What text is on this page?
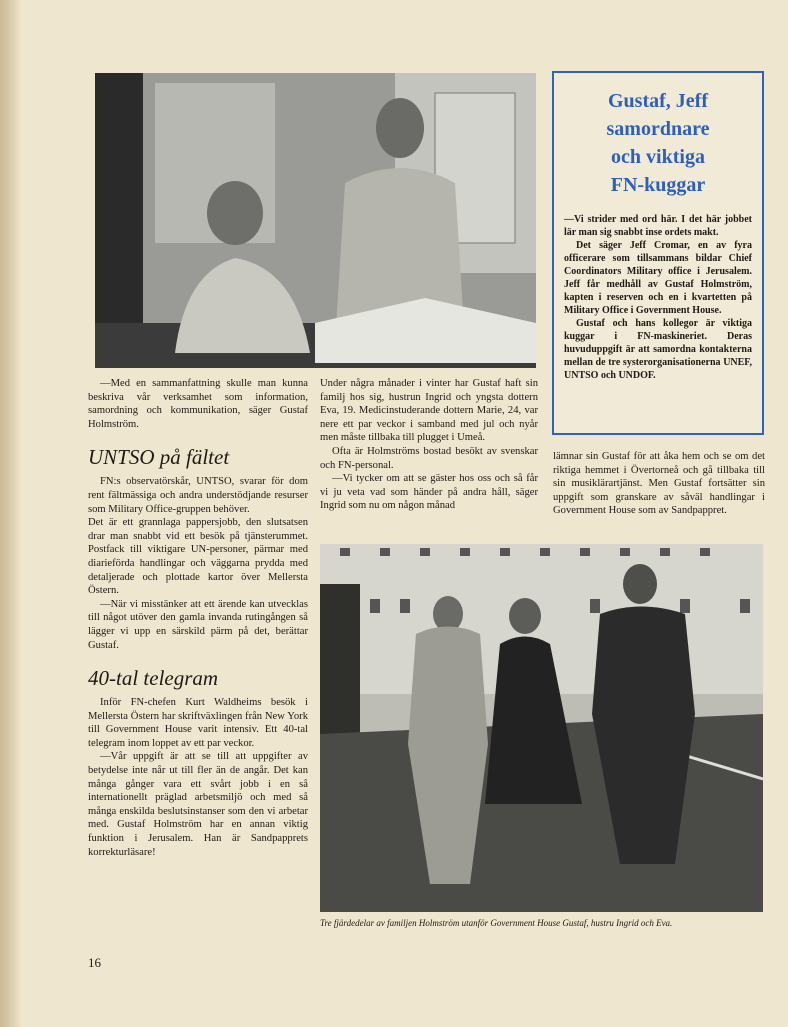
Gustaf, Jeff
samordnare
och viktiga
FN-kuggar

—Vi strider med ord här. I det här jobbet lär man sig snabbt inse ordets makt.

Det säger Jeff Cromar, en av fyra officerare som tillsammans bildar Chief Coordinators Military office i Jerusalem. Jeff får medhåll av Gustaf Holmström, kapten i reserven och en i kvartetten på Military Office i Government House.

Gustaf och hans kollegor är viktiga kuggar i FN-maskineriet. Deras huvuduppgift är att samordna kontakterna mellan de tre systerorganisationerna UNEF, UNTSO och UNDOF.

—Med en sammanfattning skulle man kunna beskriva vår verksamhet som information, samordning och kommunikation, säger Gustaf Holmström.

UNTSO på fältet

FN:s observatörskår, UNTSO, svarar för dom rent fältmässiga och andra understödjande resurser som Military Office-gruppen behöver.

Det är ett grannlaga pappersjobb, den slutsatsen drar man snabbt vid ett besök på tjänsterummet. Postfack till viktigare UN-personer, pärmar med diarieförda handlingar och väggarna prydda med detaljerade och plottade kartor över Mellersta Östern.

—När vi misstänker att ett ärende kan utvecklas till något utöver den gamla invanda rutingången så lägger vi upp en särskild pärm på det, berättar Gustaf.

40-tal telegram

Inför FN-chefen Kurt Waldheims besök i Mellersta Östern har skriftväxlingen från New York till Government House varit intensiv. Ett 40-tal telegram inom loppet av ett par veckor.

—Vår uppgift är att se till att uppgifter av betydelse inte når ut till fler än de angår. Det kan många gånger vara ett svårt jobb i en så internationellt präglad arbetsmiljö och med så många enskilda beslutsinstanser som den vi arbetar med. Gustaf Holmström har en annan viktig funktion i Jerusalem. Han är Sandpapprets korrekturläsare!

Under några månader i vinter har Gustaf haft sin familj hos sig, hustrun Ingrid och yngsta dottern Eva, 19. Medicinstuderande dottern Marie, 24, var nere ett par veckor i samband med jul och nyår men måste tillbaka till plugget i Umeå.

Ofta är Holmströms bostad besökt av svenskar och FN-personal.

—Vi tycker om att se gäster hos oss och så får vi ju veta vad som händer på andra håll, säger Ingrid som nu om någon månad

lämnar sin Gustaf för att åka hem och se om det riktiga hemmet i Övertorneå och gå tillbaka till sin musiklärartjänst. Men Gustaf fortsätter sin uppgift som granskare av såväl handlingar i Government House som av Sandpappret.

Tre fjärdedelar av familjen Holmström utanför Government House Gustaf, hustru Ingrid och Eva.
16
